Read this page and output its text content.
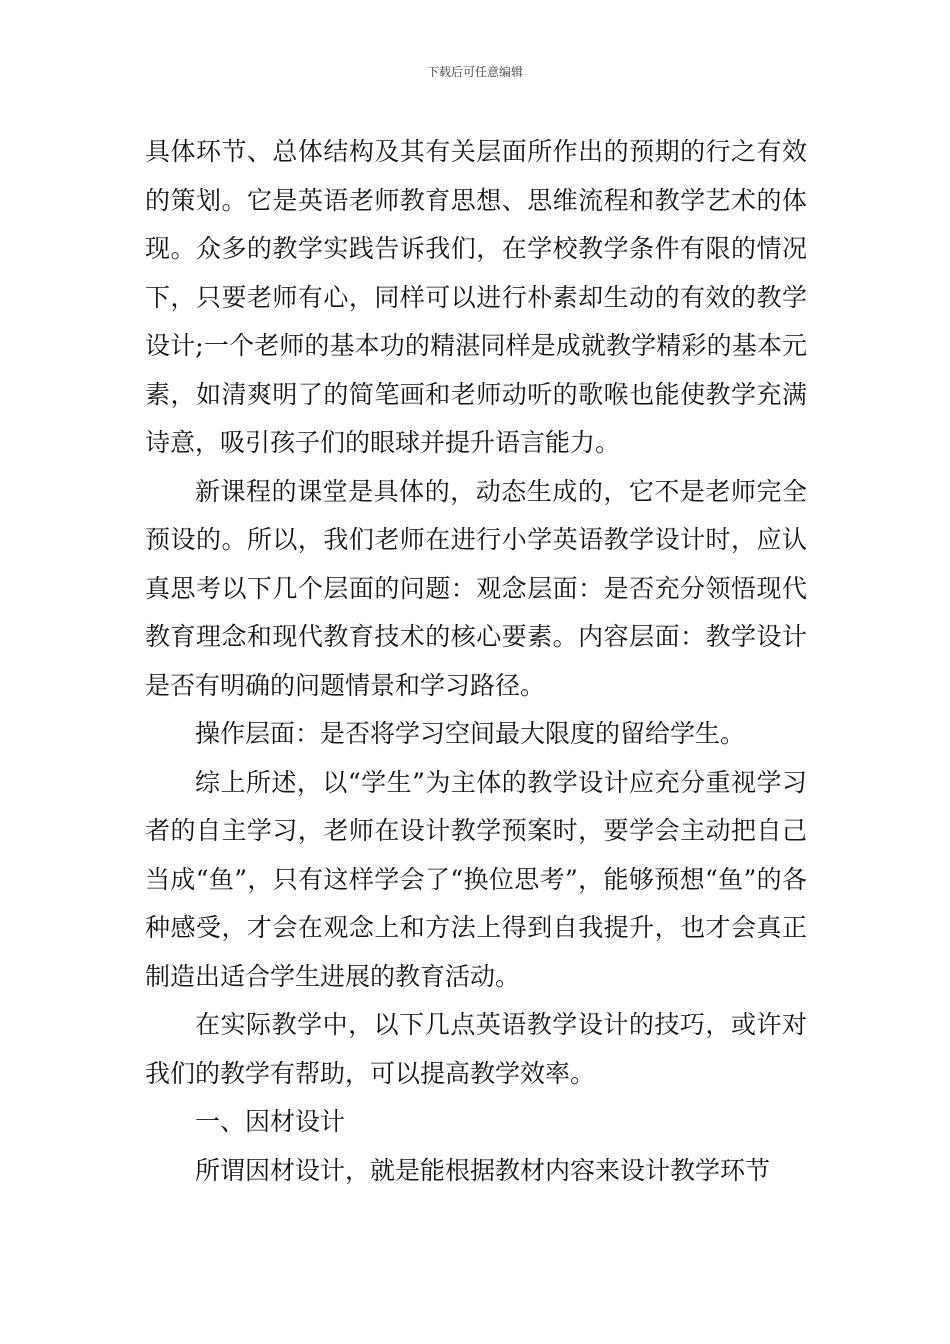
下载后可任意编辑

具体环节、总体结构及其有关层面所作出的预期的行之有效的策划。它是英语老师教育思想、思维流程和教学艺术的体现。众多的教学实践告诉我们，在学校教学条件有限的情况下，只要老师有心，同样可以进行朴素却生动的有效的教学设计;一个老师的基本功的精湛同样是成就教学精彩的基本元素，如清爽明了的简笔画和老师动听的歌喉也能使教学充满诗意，吸引孩子们的眼球并提升语言能力。

新课程的课堂是具体的，动态生成的，它不是老师完全预设的。所以，我们老师在进行小学英语教学设计时，应认真思考以下几个层面的问题：观念层面：是否充分领悟现代教育理念和现代教育技术的核心要素。内容层面：教学设计是否有明确的问题情景和学习路径。

操作层面：是否将学习空间最大限度的留给学生。

综上所述，以“学生”为主体的教学设计应充分重视学习者的自主学习，老师在设计教学预案时，要学会主动把自己当成“鱼”，只有这样学会了“换位思考”，能够预想“鱼”的各种感受，才会在观念上和方法上得到自我提升，也才会真正制造出适合学生进展的教育活动。

在实际教学中，以下几点英语教学设计的技巧，或许对我们的教学有帮助，可以提高教学效率。

一、因材设计

所谓因材设计，就是能根据教材内容来设计教学环节
